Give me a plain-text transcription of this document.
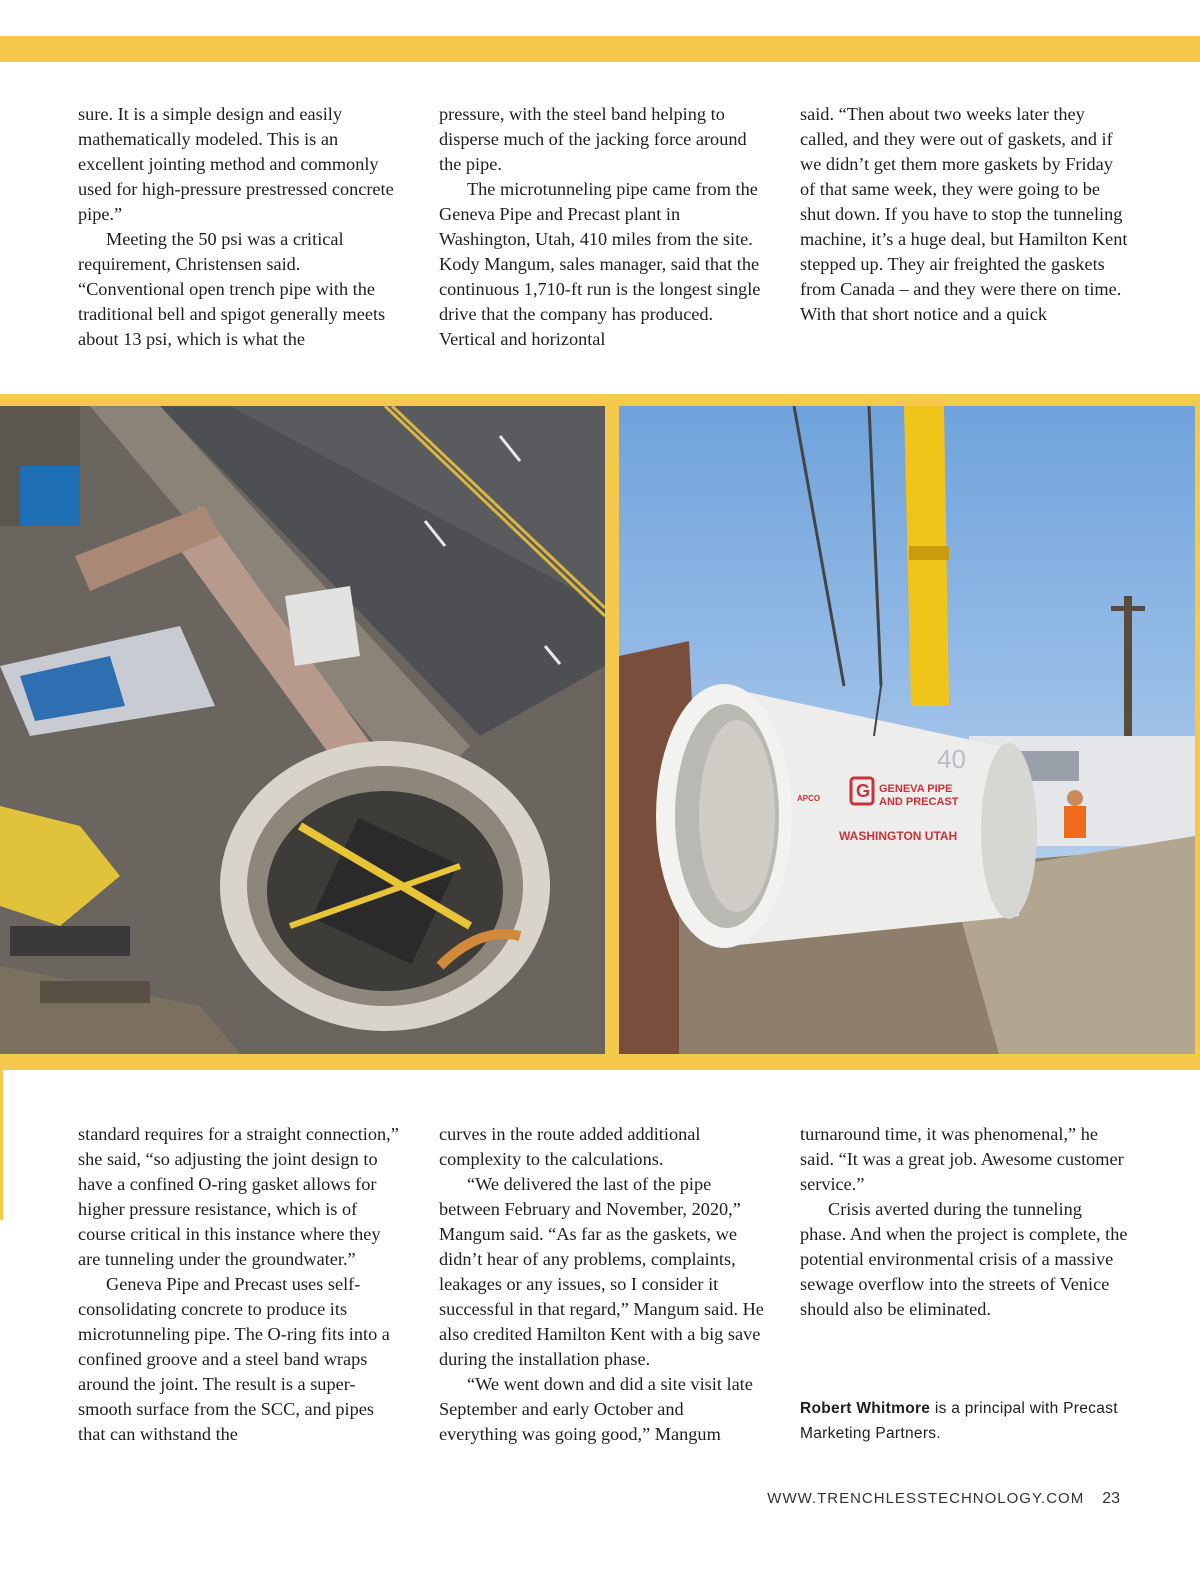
sure. It is a simple design and easily mathematically modeled. This is an excellent jointing method and commonly used for high-pressure prestressed concrete pipe.”

Meeting the 50 psi was a critical requirement, Christensen said. “Conventional open trench pipe with the traditional bell and spigot generally meets about 13 psi, which is what the

pressure, with the steel band helping to disperse much of the jacking force around the pipe.

The microtunneling pipe came from the Geneva Pipe and Precast plant in Washington, Utah, 410 miles from the site. Kody Mangum, sales manager, said that the continuous 1,710-ft run is the longest single drive that the company has produced. Vertical and horizontal

said. “Then about two weeks later they called, and they were out of gaskets, and if we didn’t get them more gaskets by Friday of that same week, they were going to be shut down. If you have to stop the tunneling machine, it’s a huge deal, but Hamilton Kent stepped up. They air freighted the gaskets from Canada – and they were there on time. With that short notice and a quick

G GENEVA PIPE
AND PRECAST
WASHINGTON UTAH
APCO
40

standard requires for a straight connection,” she said, “so adjusting the joint design to have a confined O-ring gasket allows for higher pressure resistance, which is of course critical in this instance where they are tunneling under the groundwater.”

Geneva Pipe and Precast uses self-consolidating concrete to produce its microtunneling pipe. The O-ring fits into a confined groove and a steel band wraps around the joint. The result is a super-smooth surface from the SCC, and pipes that can withstand the

curves in the route added additional complexity to the calculations.

“We delivered the last of the pipe between February and November, 2020,” Mangum said. “As far as the gaskets, we didn’t hear of any problems, complaints, leakages or any issues, so I consider it successful in that regard,” Mangum said. He also credited Hamilton Kent with a big save during the installation phase.

“We went down and did a site visit late September and early October and everything was going good,” Mangum

turnaround time, it was phenomenal,” he said. “It was a great job. Awesome customer service.”

Crisis averted during the tunneling phase. And when the project is complete, the potential environmental crisis of a massive sewage overflow into the streets of Venice should also be eliminated.

Robert Whitmore is a principal with Precast Marketing Partners.
WWW.TRENCHLESSTECHNOLOGY.COM 23
